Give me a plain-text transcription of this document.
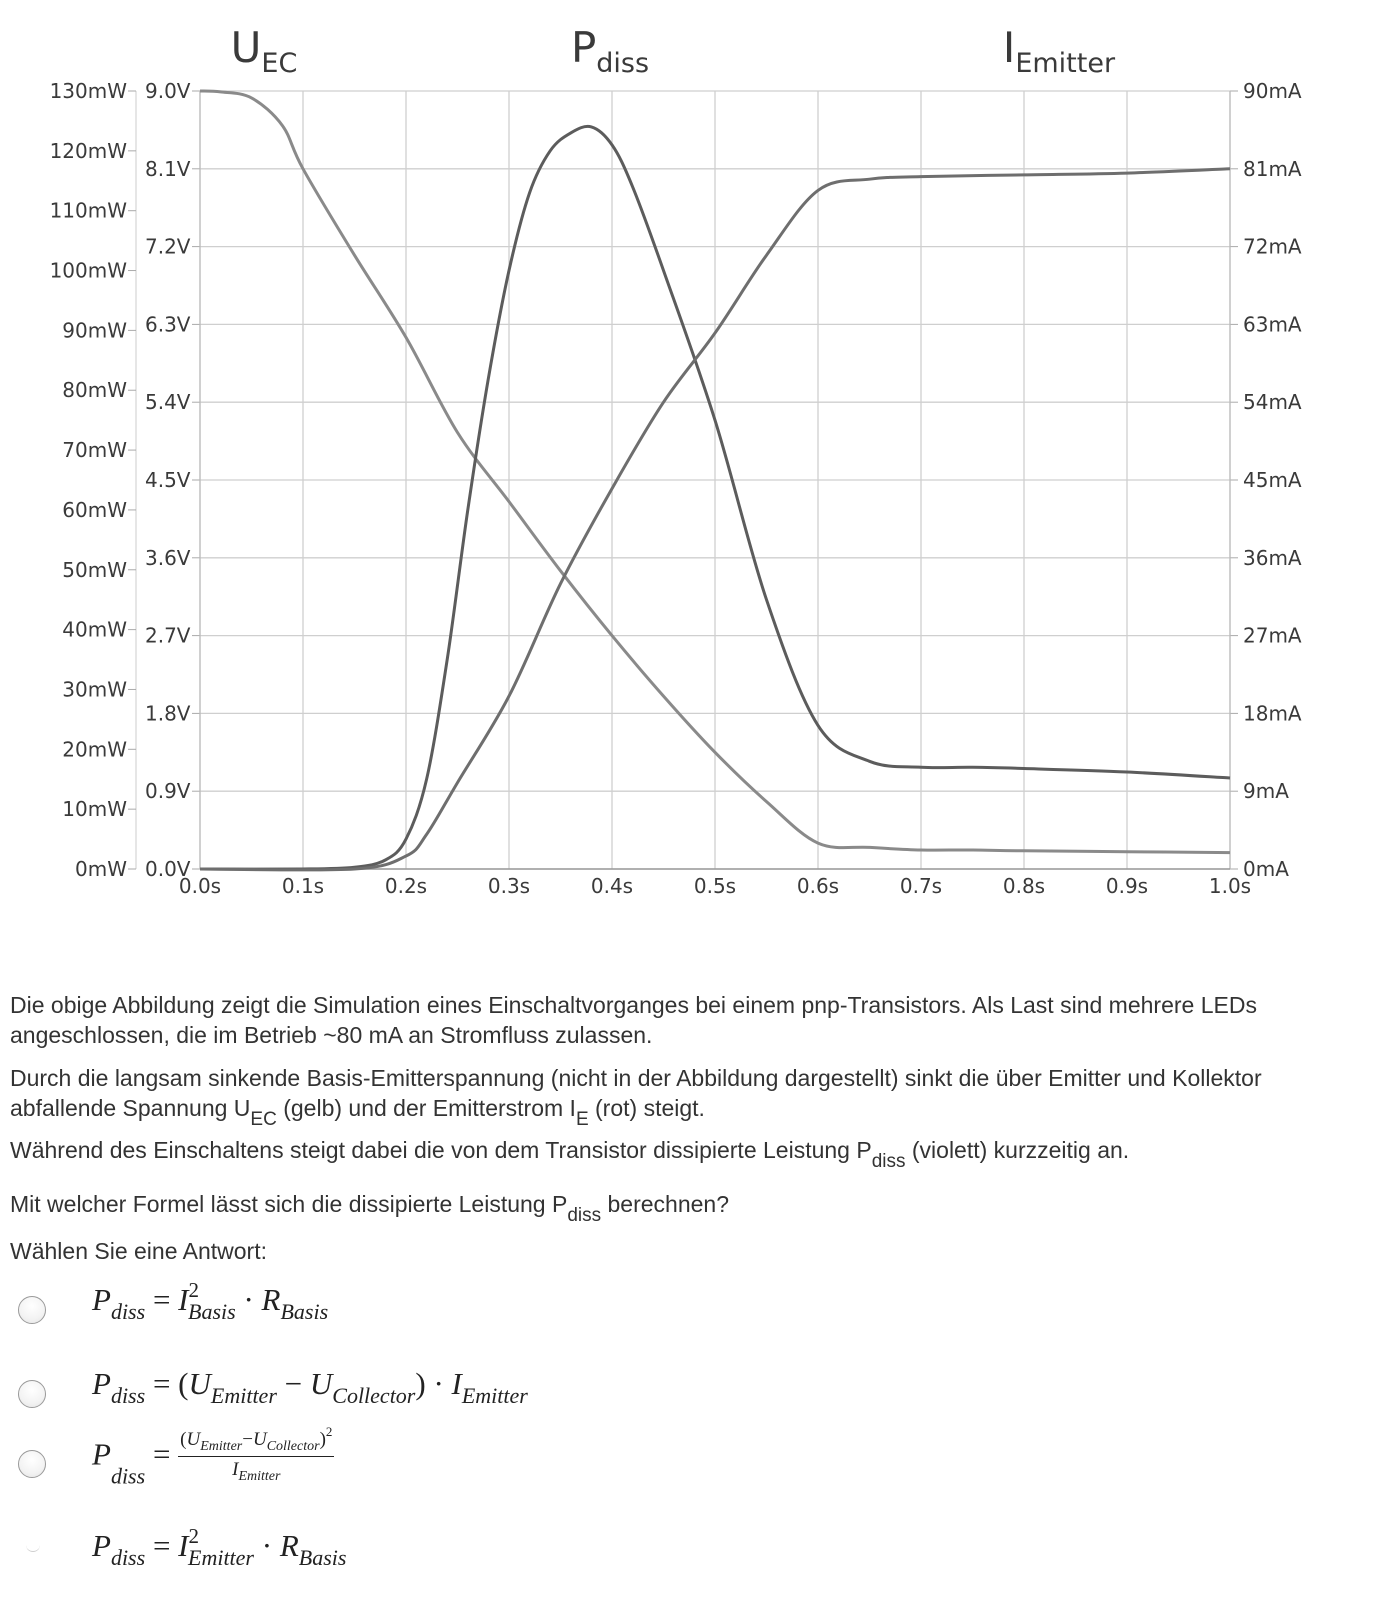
0.0s	0.1s	0.2s	0.3s	0.4s	0.5s	0.6s	0.7s	0.8s	0.9s	1.0s
0.0V
0.9V
1.8V
2.7V
3.6V
4.5V
5.4V
6.3V
7.2V
8.1V
9.0V
0mA
9mA
18mA
27mA
36mA
45mA
54mA
63mA
72mA
81mA
90mA
0mW
10mW
20mW
30mW
40mW
50mW
60mW
70mW
80mW
90mW
100mW
110mW
120mW
130mW
UEC	Pdiss	IEmitter

Die obige Abbildung zeigt die Simulation eines Einschaltvorganges bei einem pnp-Transistors. Als Last sind mehrere LEDs angeschlossen, die im Betrieb ~80 mA an Stromfluss zulassen.

Durch die langsam sinkende Basis-Emitterspannung (nicht in der Abbildung dargestellt) sinkt die über Emitter und Kollektor abfallende Spannung $U_{EC}$ (gelb) und der Emitterstrom $I_E$ (rot) steigt.

Während des Einschaltens steigt dabei die von dem Transistor dissipierte Leistung $P_{diss}$ (violett) kurzzeitig an.

Mit welcher Formel lässt sich die dissipierte Leistung $P_{diss}$ berechnen?

Wählen Sie eine Antwort:
$P_{diss} = I^2_{Basis} \cdot R_{Basis}$
$P_{diss} = (U_{Emitter} - U_{Collector}) \cdot I_{Emitter}$
$P_{diss} = \frac{(U_{Emitter}-U_{Collector})^2}{I_{Emitter}}$
$P_{diss} = I^2_{Emitter} \cdot R_{Basis}$
